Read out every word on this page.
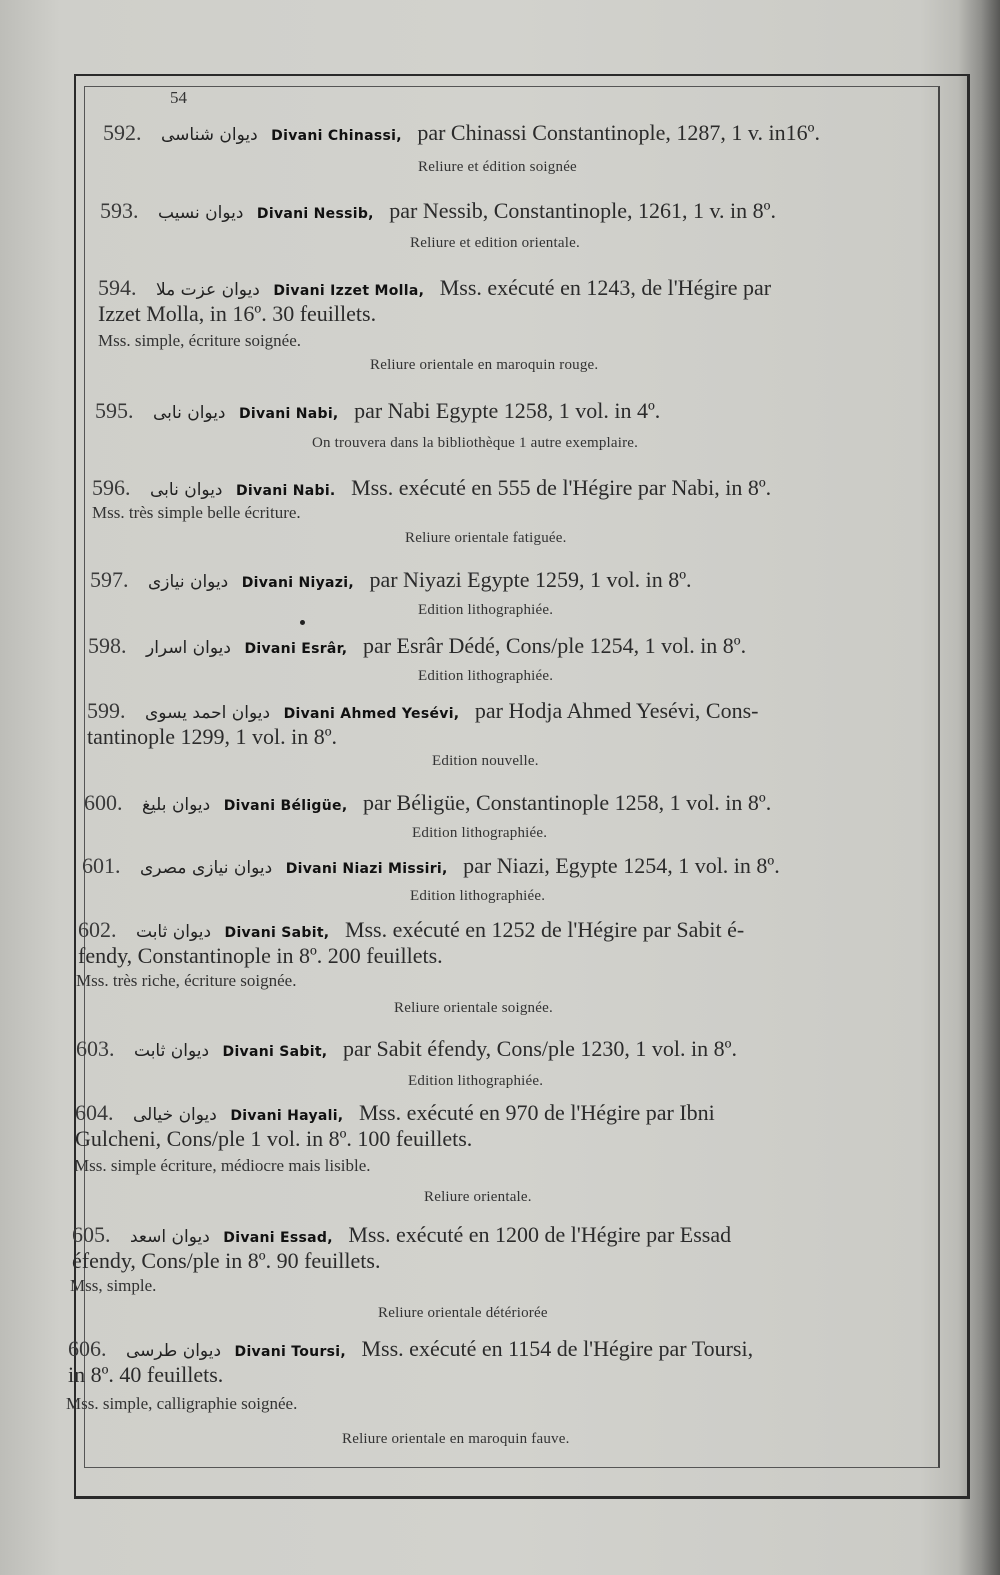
54
592. ديوان شناسى Divani Chinassi, par Chinassi Constantinople, 1287, 1 v. in16º.
Reliure et édition soignée
593. ديوان نسيب Divani Nessib, par Nessib, Constantinople, 1261, 1 v. in 8º.
Reliure et edition orientale.
594. ديوان عزت ملا Divani Izzet Molla, Mss. exécuté en 1243, de l'Hégire par
Izzet Molla, in 16º. 30 feuillets.
Mss. simple, écriture soignée.
Reliure orientale en maroquin rouge.
595. ديوان نابى Divani Nabi, par Nabi Egypte 1258, 1 vol. in 4º.
On trouvera dans la bibliothèque 1 autre exemplaire.
596. ديوان نابى Divani Nabi. Mss. exécuté en 555 de l'Hégire par Nabi, in 8º.
Mss. très simple belle écriture.
Reliure orientale fatiguée.
597. ديوان نيازى Divani Niyazi, par Niyazi Egypte 1259, 1 vol. in 8º.
Edition lithographiée.
598. ديوان اسرار Divani Esrâr, par Esrâr Dédé, Cons/ple 1254, 1 vol. in 8º.
Edition lithographiée.
599. ديوان احمد يسوى Divani Ahmed Yesévi, par Hodja Ahmed Yesévi, Cons-
tantinople 1299, 1 vol. in 8º.
Edition nouvelle.
600. ديوان بليغ Divani Béligüe, par Béligüe, Constantinople 1258, 1 vol. in 8º.
Edition lithographiée.
601. ديوان نيازى مصرى Divani Niazi Missiri, par Niazi, Egypte 1254, 1 vol. in 8º.
Edition lithographiée.
602. ديوان ثابت Divani Sabit, Mss. exécuté en 1252 de l'Hégire par Sabit é-
fendy, Constantinople in 8º. 200 feuillets.
Mss. très riche, écriture soignée.
Reliure orientale soignée.
603. ديوان ثابت Divani Sabit, par Sabit éfendy, Cons/ple 1230, 1 vol. in 8º.
Edition lithographiée.
604. ديوان خيالى Divani Hayali, Mss. exécuté en 970 de l'Hégire par Ibni
Gulcheni, Cons/ple 1 vol. in 8º. 100 feuillets.
Mss. simple écriture, médiocre mais lisible.
Reliure orientale.
605. ديوان اسعد Divani Essad, Mss. exécuté en 1200 de l'Hégire par Essad
éfendy, Cons/ple in 8º. 90 feuillets.
Mss, simple.
Reliure orientale détériorée
606. ديوان طرسى Divani Toursi, Mss. exécuté en 1154 de l'Hégire par Toursi,
in 8º. 40 feuillets.
Mss. simple, calligraphie soignée.
Reliure orientale en maroquin fauve.
